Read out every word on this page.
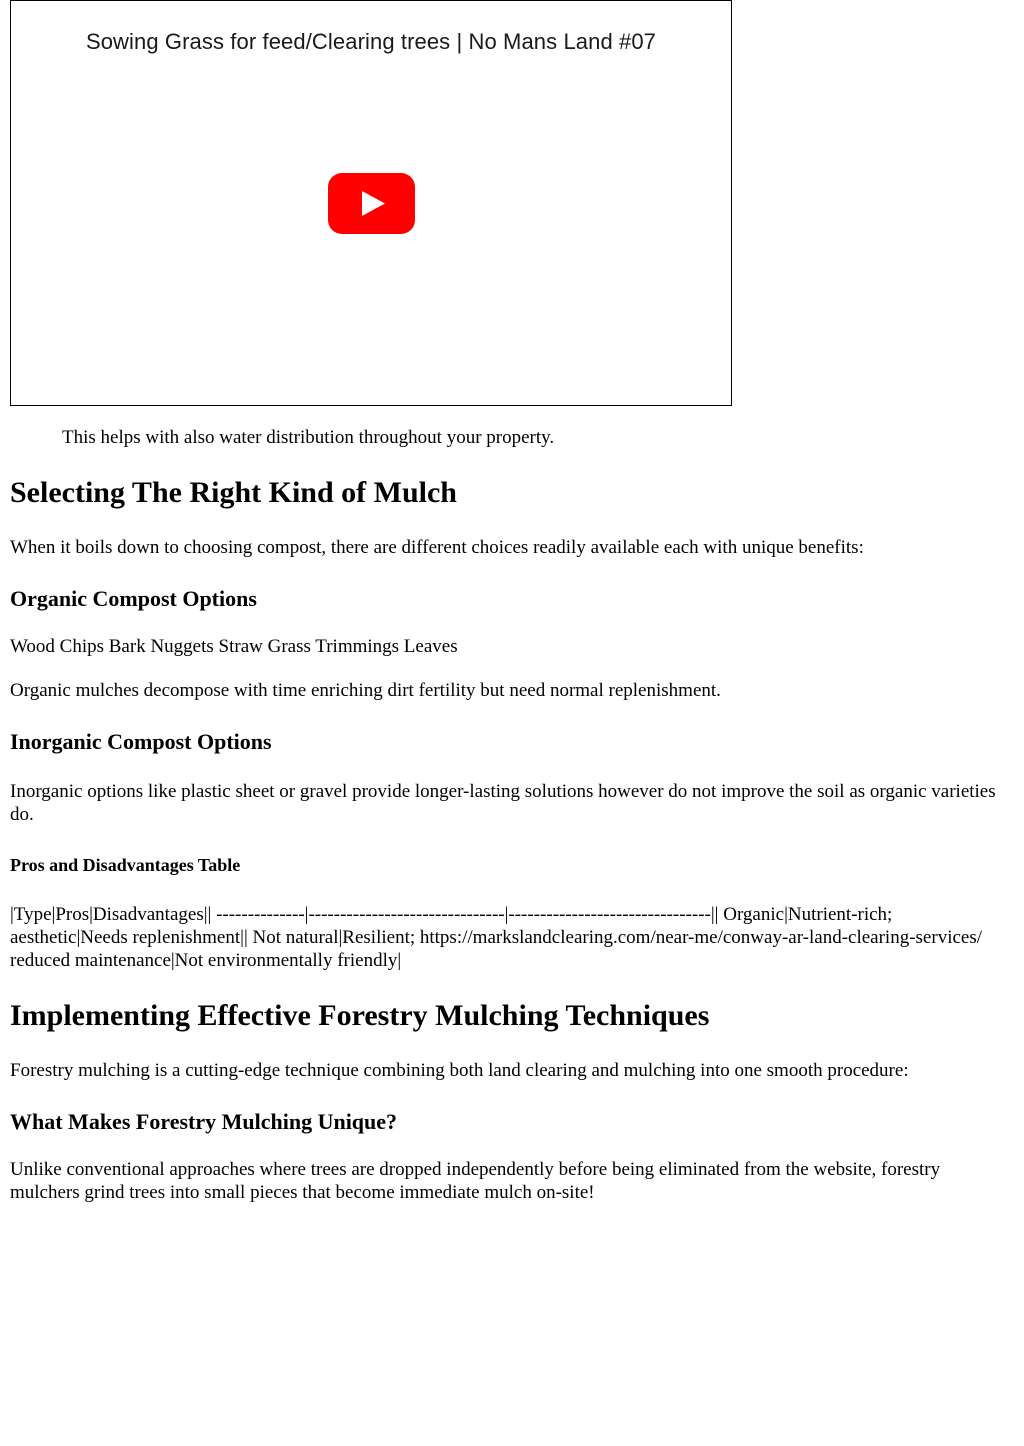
Sowing Grass for feed/Clearing trees | No Mans Land #07

This helps with also water distribution throughout your property.

Selecting The Right Kind of Mulch

When it boils down to choosing compost, there are different choices readily available each with unique benefits:

Organic Compost Options

Wood Chips Bark Nuggets Straw Grass Trimmings Leaves

Organic mulches decompose with time enriching dirt fertility but need normal replenishment.

Inorganic Compost Options

Inorganic options like plastic sheet or gravel provide longer-lasting solutions however do not improve the soil as organic varieties do.

Pros and Disadvantages Table

|Type|Pros|Disadvantages|| --------------|-------------------------------|--------------------------------|| Organic|Nutrient-rich; aesthetic|Needs replenishment|| Not natural|Resilient; https://markslandclearing.com/near-me/conway-ar-land-clearing-services/ reduced maintenance|Not environmentally friendly|

Implementing Effective Forestry Mulching Techniques

Forestry mulching is a cutting-edge technique combining both land clearing and mulching into one smooth procedure:

What Makes Forestry Mulching Unique?

Unlike conventional approaches where trees are dropped independently before being eliminated from the website, forestry mulchers grind trees into small pieces that become immediate mulch on-site!
